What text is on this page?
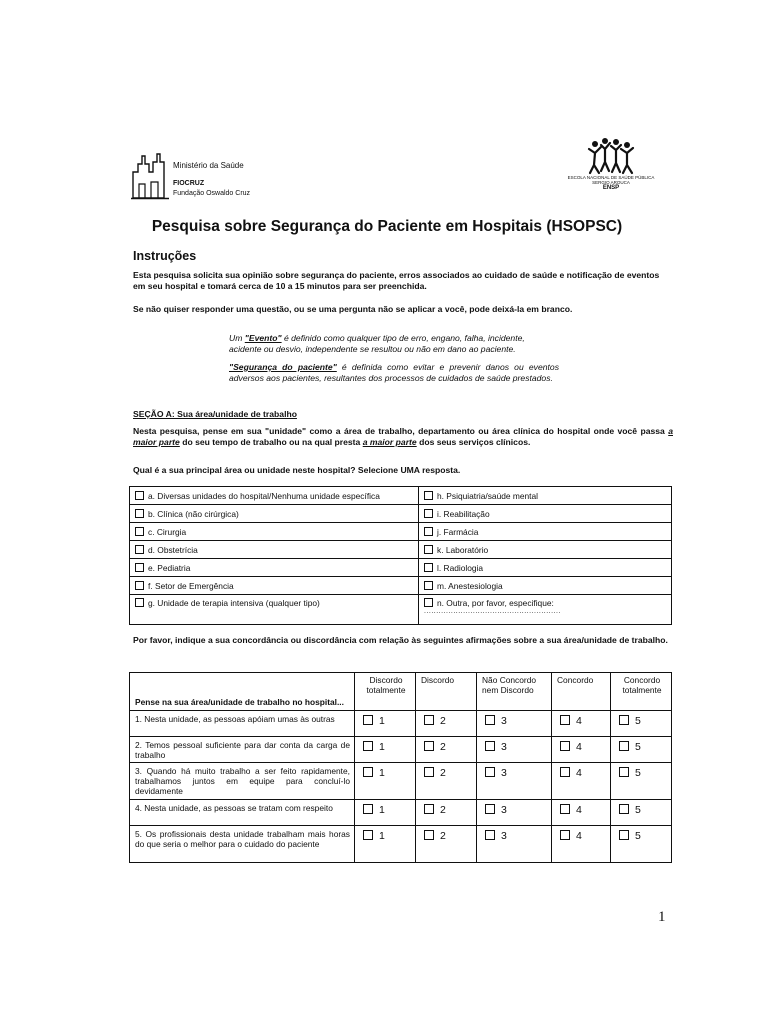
Ministério da Saúde
FIOCRUZ
Fundação Oswaldo Cruz
ESCOLA NACIONAL DE SAÚDE PÚBLICA
SERGIO AROUCA
ENSP
Pesquisa sobre Segurança do Paciente em Hospitais (HSOPSC)
Instruções
Esta pesquisa solicita sua opinião sobre segurança do paciente, erros associados ao cuidado de saúde e notificação de eventos em seu hospital e tomará cerca de 10 a 15 minutos para ser preenchida.
Se não quiser responder uma questão, ou se uma pergunta não se aplicar a você, pode deixá-la em branco.
Um "Evento" é definido como qualquer tipo de erro, engano, falha, incidente, acidente ou desvio, independente se resultou ou não em dano ao paciente.
"Segurança do paciente" é definida como evitar e prevenir danos ou eventos adversos aos pacientes, resultantes dos processos de cuidados de saúde prestados.
SEÇÃO A: Sua área/unidade de trabalho
Nesta pesquisa, pense em sua "unidade" como a área de trabalho, departamento ou área clínica do hospital onde você passa a maior parte do seu tempo de trabalho ou na qual presta a maior parte dos seus serviços clínicos.
Qual é a sua principal área ou unidade neste hospital? Selecione UMA resposta.
a. Diversas unidades do hospital/Nenhuma unidade específica	h. Psiquiatria/saúde mental
b. Clínica (não cirúrgica)	i. Reabilitação
c. Cirurgia	j. Farmácia
d. Obstetrícia	k. Laboratório
e. Pediatria	l. Radiologia
f. Setor de Emergência	m. Anestesiologia
g. Unidade de terapia intensiva (qualquer tipo)	n. Outra, por favor, especifique:
........................................................
Por favor, indique a sua concordância ou discordância com relação às seguintes afirmações sobre a sua área/unidade de trabalho.
Pense na sua área/unidade de trabalho no hospital...	Discordo totalmente	Discordo	Não Concordo nem Discordo	Concordo	Concordo totalmente
1. Nesta unidade, as pessoas apóiam umas às outras	1	2	3	4	5
2. Temos pessoal suficiente para dar conta da carga de trabalho	1	2	3	4	5
3. Quando há muito trabalho a ser feito rapidamente, trabalhamos juntos em equipe para concluí-lo devidamente	1	2	3	4	5
4. Nesta unidade, as pessoas se tratam com respeito	1	2	3	4	5
5. Os profissionais desta unidade trabalham mais horas do que seria o melhor para o cuidado do paciente	1	2	3	4	5
1
